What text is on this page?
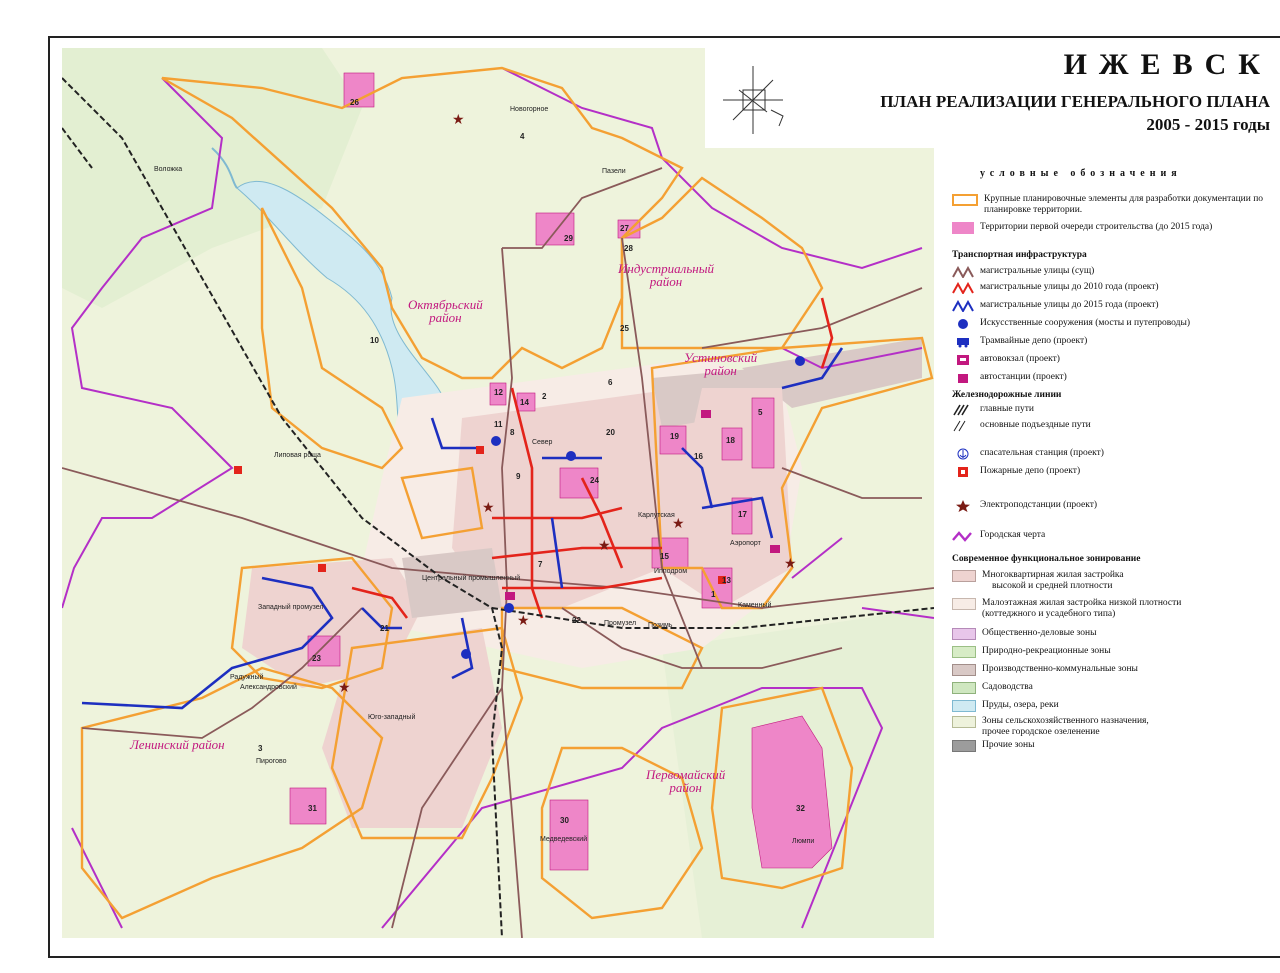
★
★
★
★
★
★
★
Октябрьский
район
Индустриальный
район
Устиновский
район
Ленинский район
Первомайский
район
Воложка
Новогорное
Пазели
Липовая роща
Север
Карлутская
Аэропорт
Центральный промышленный
Западный промузел
Радужный
Александровский
Юго-западный
Пирогово
Люмпи
Медведевский
Позимь
Промузел
Ипподром
Каменный
1
2
3
4
5
6
7
8
9
10
11
12
13
14
15
16
17
18
19
20
21
22
23
24
25
26
27
28
29
30
31	32
ИЖЕВСК
ПЛАН РЕАЛИЗАЦИИ ГЕНЕРАЛЬНОГО ПЛАНА
2005 - 2015 годы
условные обозначения
Крупные планировочные элементы для разработки документации по планировке территории.
Территории первой очереди строительства (до 2015 года)
Транспортная инфраструктура
магистральные улицы (сущ)
магистральные улицы до 2010 года (проект)
магистральные улицы до 2015 года (проект)
Искусственные сооружения (мосты и путепроводы)
Трамвайные депо (проект)
автовокзал (проект)
автостанции (проект)
Железнодорожные линии
главные пути
основные подъездные пути
спасательная станция (проект)
Пожарные депо (проект)
Электроподстанции (проект)
Городская черта
Современное функциональное зонирование
Многоквартирная жилая застройка
высокой и средней плотности
Малоэтажная жилая застройка низкой плотности
(коттеджного и усадебного типа)
Общественно-деловые зоны
Природно-рекреационные зоны
Производственно-коммунальные зоны
Садоводства
Пруды, озера, реки
Зоны сельскохозяйственного назначения,
прочее городское озеленение
Прочие зоны
